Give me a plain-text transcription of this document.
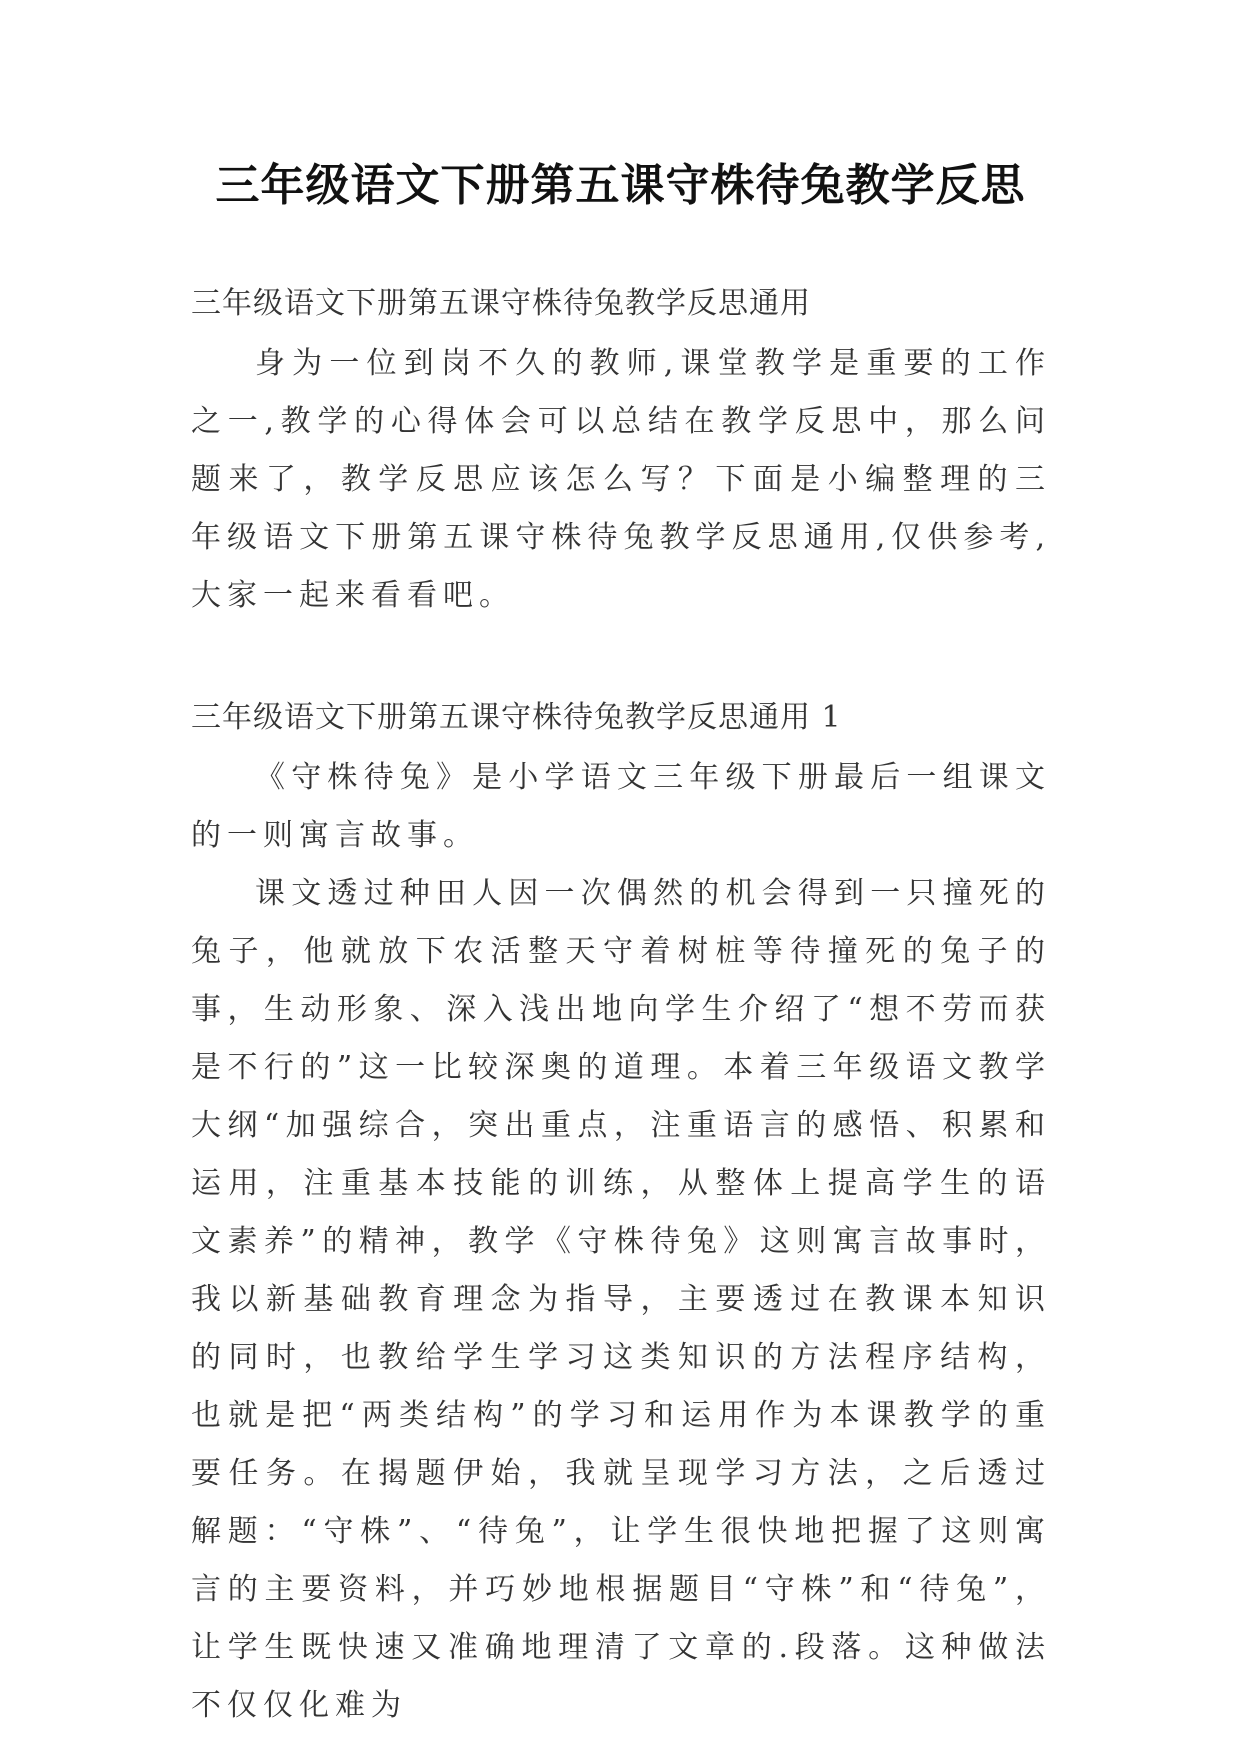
三年级语文下册第五课守株待兔教学反思

三年级语文下册第五课守株待兔教学反思通用

身为一位到岗不久的教师,课堂教学是重要的工作之一,教学的心得体会可以总结在教学反思中，那么问题来了，教学反思应该怎么写？下面是小编整理的三年级语文下册第五课守株待兔教学反思通用,仅供参考,大家一起来看看吧。

三年级语文下册第五课守株待兔教学反思通用 1

《守株待兔》是小学语文三年级下册最后一组课文的一则寓言故事。

课文透过种田人因一次偶然的机会得到一只撞死的兔子，他就放下农活整天守着树桩等待撞死的兔子的事，生动形象、深入浅出地向学生介绍了“想不劳而获是不行的”这一比较深奥的道理。本着三年级语文教学大纲“加强综合，突出重点，注重语言的感悟、积累和运用，注重基本技能的训练，从整体上提高学生的语文素养”的精神，教学《守株待兔》这则寓言故事时，我以新基础教育理念为指导，主要透过在教课本知识的同时，也教给学生学习这类知识的方法程序结构，也就是把“两类结构”的学习和运用作为本课教学的重要任务。在揭题伊始，我就呈现学习方法，之后透过解题：“守株”、“待兔”，让学生很快地把握了这则寓言的主要资料，并巧妙地根据题目“守株”和“待兔”，让学生既快速又准确地理清了文章的.段落。这种做法不仅仅化难为
